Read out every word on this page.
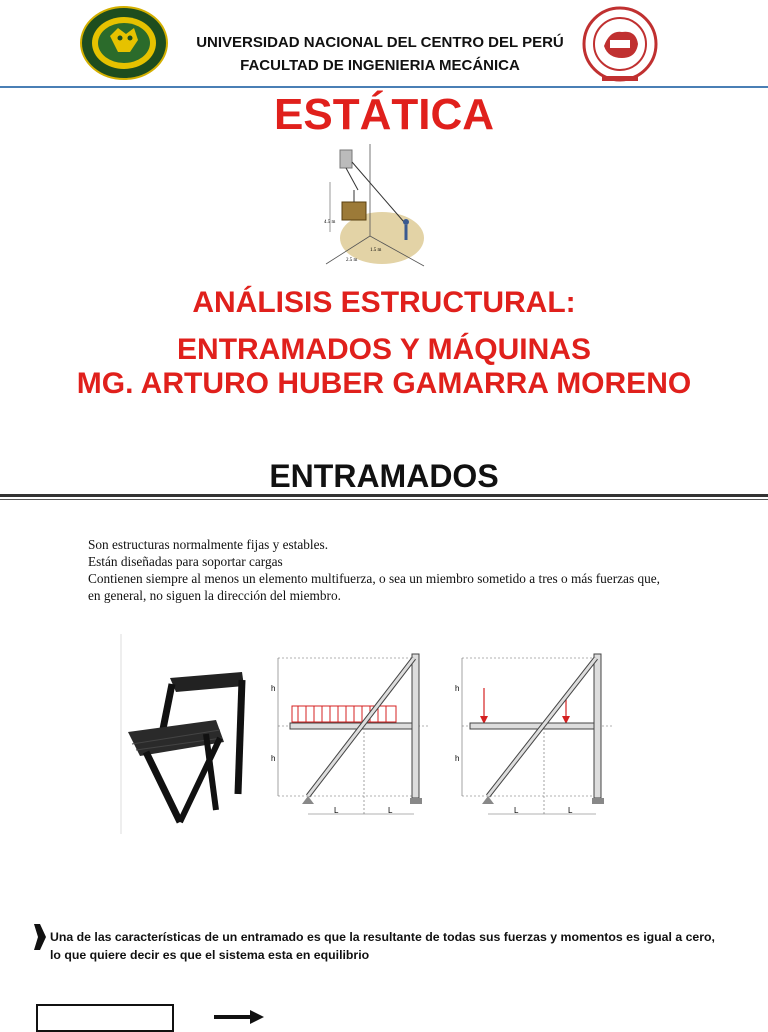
UNIVERSIDAD NACIONAL DEL CENTRO DEL PERÚ
FACULTAD DE INGENIERIA MECÁNICA
ESTÁTICA
4.5 m
2.5 m
1.5 m
ANÁLISIS ESTRUCTURAL:
ENTRAMADOS Y MÁQUINAS
MG. ARTURO HUBER GAMARRA MORENO
ENTRAMADOS
Son estructuras normalmente fijas y estables.
Están diseñadas para soportar cargas
Contienen siempre al menos un elemento multifuerza, o sea un miembro sometido a tres o más fuerzas que,
en general, no siguen la dirección del miembro.
h
h
L	L
h
h
L	L
Una de las características de un entramado es que la resultante de todas sus fuerzas y momentos es igual a cero,
lo que quiere decir es que el sistema esta en equilibrio
